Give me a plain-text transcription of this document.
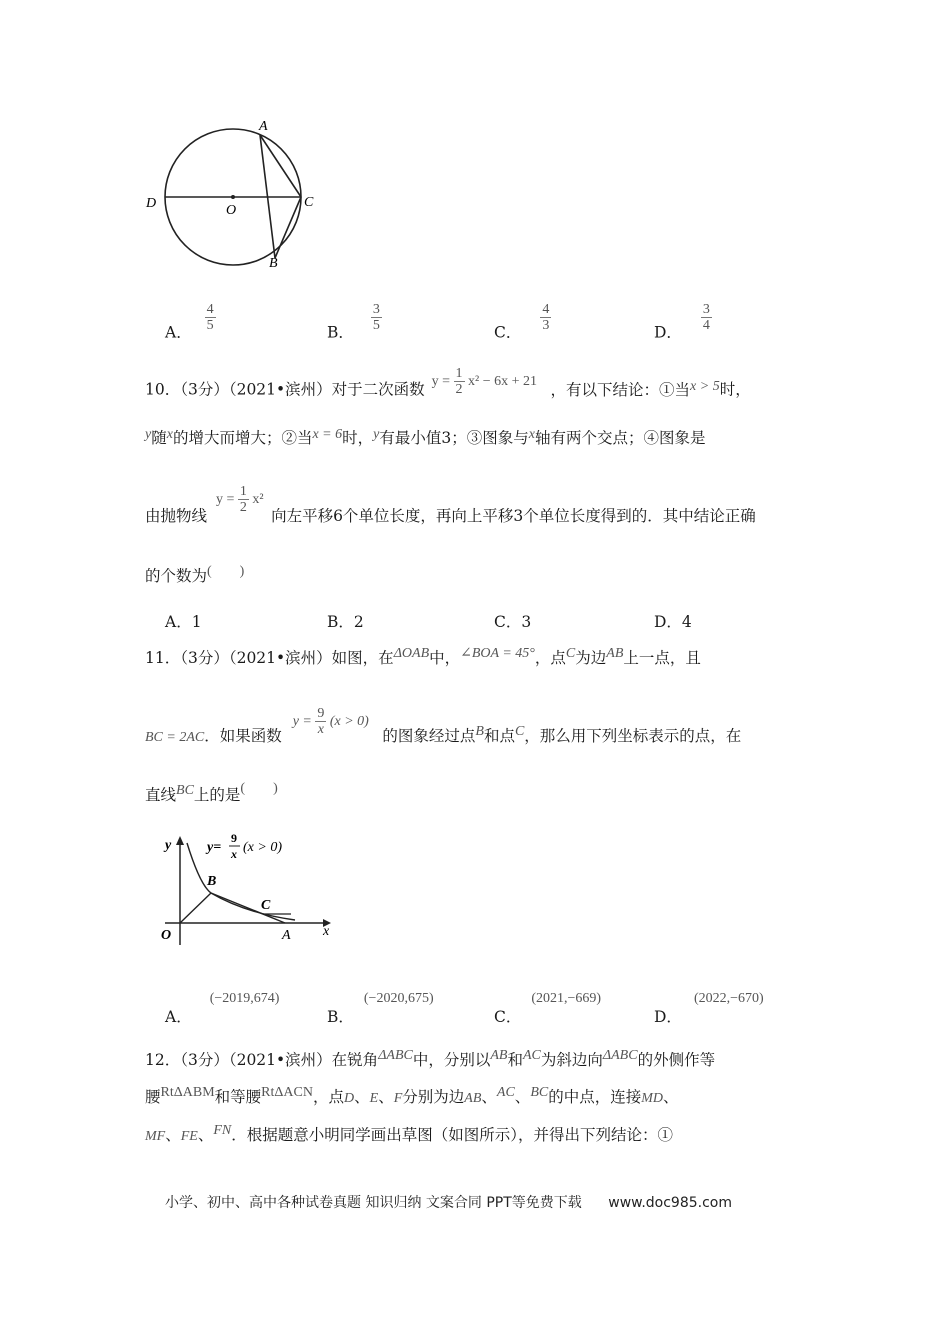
A
B
C
D	O
A． $\frac{4}{5}$	B． $\frac{3}{5}$	C． $\frac{4}{3}$	D． $\frac{3}{4}$
10．（3分）（2021•滨州）对于二次函数 $y = \frac{1}{2} x^2 - 6x + 21$ ，有以下结论：①当x > 5时，
y随x的增大而增大；②当x = 6时，y有最小值3；③图象与x轴有两个交点；④图象是
由抛物线 $y = \frac{1}{2} x^2$ 向左平移6个单位长度，再向上平移3个单位长度得到的．其中结论正确
的个数为(　　)
A．1	B．2	C．3	D．4
11．（3分）（2021•滨州）如图，在ΔOAB中，∠BOA = 45°，点C为边AB上一点，且
BC = 2AC．如果函数 $y = \frac{9}{x} (x > 0)$ 的图象经过点B和点C，那么用下列坐标表示的点，在
直线BC上的是(　　)
y
x
O	A
B
C
y=
9
x (x > 0)
A．(−2019,674)
B．(−2020,675)
C．(2021,−669)
D．(2022,−670)
12．（3分）（2021•滨州）在锐角ΔABC中，分别以AB和AC为斜边向ΔABC的外侧作等
腰RtΔABM和等腰RtΔACN，点D、E、F分别为边AB、AC、BC的中点，连接MD、
MF、FE、FN．根据题意小明同学画出草图（如图所示），并得出下列结论：①
小学、初中、高中各种试卷真题 知识归纳 文案合同 PPT等免费下载 www.doc985.com
